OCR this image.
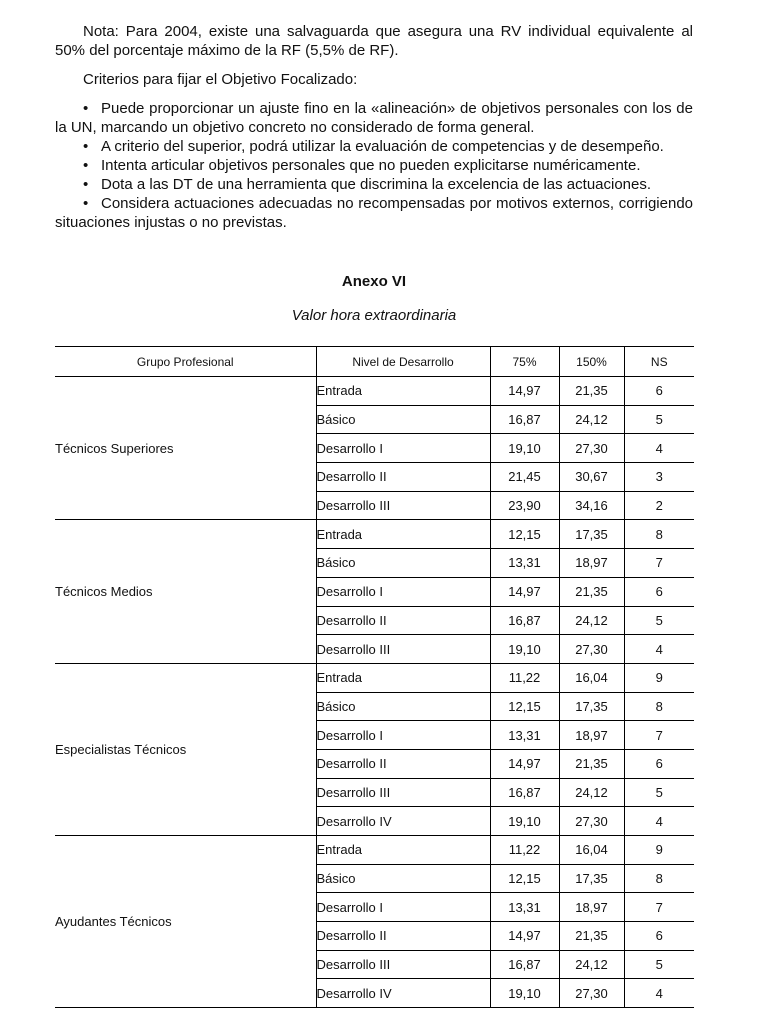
Nota: Para 2004, existe una salvaguarda que asegura una RV individual equivalente al 50% del porcentaje máximo de la RF (5,5% de RF).

Criterios para fijar el Objetivo Focalizado:

• Puede proporcionar un ajuste fino en la «alineación» de objetivos personales con los de la UN, marcando un objetivo concreto no considerado de forma general.
• A criterio del superior, podrá utilizar la evaluación de competencias y de desempeño.
• Intenta articular objetivos personales que no pueden explicitarse numéricamente.
• Dota a las DT de una herramienta que discrimina la excelencia de las actuaciones.
• Considera actuaciones adecuadas no recompensadas por motivos externos, corrigiendo situaciones injustas o no previstas.
Anexo VI
Valor hora extraordinaria
Grupo Profesional	Nivel de Desarrollo	75%	150%	NS
Técnicos Superiores	Entrada	14,97	21,35	6
	Básico	16,87	24,12	5
	Desarrollo I	19,10	27,30	4
	Desarrollo II	21,45	30,67	3
	Desarrollo III	23,90	34,16	2
Técnicos Medios	Entrada	12,15	17,35	8
	Básico	13,31	18,97	7
	Desarrollo I	14,97	21,35	6
	Desarrollo II	16,87	24,12	5
	Desarrollo III	19,10	27,30	4
Especialistas Técnicos	Entrada	11,22	16,04	9
	Básico	12,15	17,35	8
	Desarrollo I	13,31	18,97	7
	Desarrollo II	14,97	21,35	6
	Desarrollo III	16,87	24,12	5
	Desarrollo IV	19,10	27,30	4
Ayudantes Técnicos	Entrada	11,22	16,04	9
	Básico	12,15	17,35	8
	Desarrollo I	13,31	18,97	7
	Desarrollo II	14,97	21,35	6
	Desarrollo III	16,87	24,12	5
	Desarrollo IV	19,10	27,30	4
